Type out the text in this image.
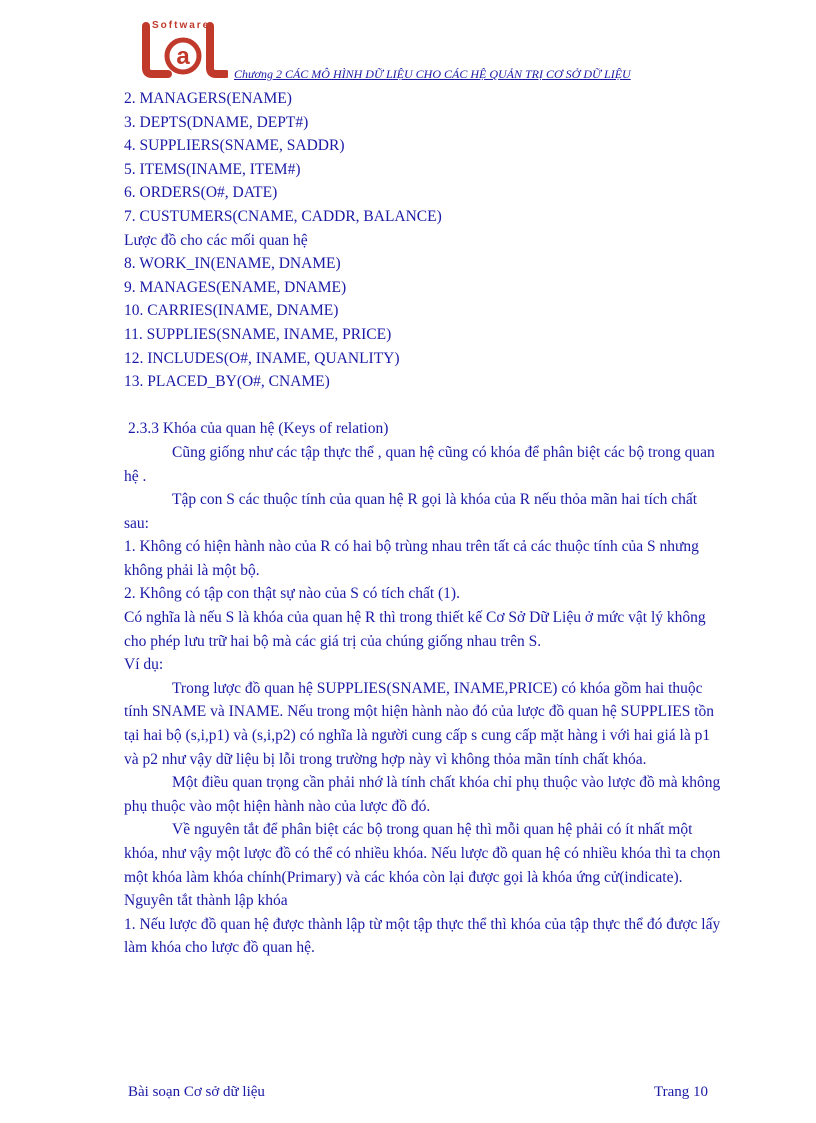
Software
a
Chương 2 CÁC MÔ HÌNH DỮ LIỆU CHO CÁC HỆ QUẢN TRỊ CƠ SỞ DỮ LIỆU

2. MANAGERS(ENAME)

3. DEPTS(DNAME, DEPT#)

4. SUPPLIERS(SNAME, SADDR)

5. ITEMS(INAME, ITEM#)

6. ORDERS(O#, DATE)

7. CUSTUMERS(CNAME, CADDR, BALANCE)

Lược đồ cho các mối quan hệ

8. WORK_IN(ENAME, DNAME)

9. MANAGES(ENAME, DNAME)

10. CARRIES(INAME, DNAME)

11. SUPPLIES(SNAME, INAME, PRICE)

12. INCLUDES(O#, INAME, QUANLITY)

13. PLACED_BY(O#, CNAME)

2.3.3 Khóa của quan hệ (Keys of relation)

Cũng giống như các tập thực thể , quan hệ cũng có khóa để phân biệt các bộ trong quan hệ .

Tập con S các thuộc tính của quan hệ R gọi là khóa của R nếu thỏa mãn hai tích chất sau:

1. Không có hiện hành nào của R có hai bộ trùng nhau trên tất cả các thuộc tính của S nhưng không phải là một bộ.

2. Không có tập con thật sự nào của S có tích chất (1).

Có nghĩa là nếu S là khóa của quan hệ R thì trong thiết kế Cơ Sở Dữ Liệu ở mức vật lý không cho phép lưu trữ hai bộ mà các giá trị của chúng giống nhau trên S.

Ví dụ:

Trong lược đồ quan hệ SUPPLIES(SNAME, INAME,PRICE) có khóa gồm hai thuộc tính SNAME và INAME. Nếu trong một hiện hành nào đó của lược đồ quan hệ SUPPLIES tồn tại hai bộ (s,i,p1) và (s,i,p2) có nghĩa là người cung cấp s cung cấp mặt hàng i với hai giá là p1 và p2 như vậy dữ liệu bị lỗi trong trường hợp này vì không thỏa mãn tính chất khóa.

Một điều quan trọng cần phải nhớ là tính chất khóa chỉ phụ thuộc vào lược đồ mà không phụ thuộc vào một hiện hành nào của lược đồ đó.

Về nguyên tắt để phân biệt các bộ trong quan hệ thì mỗi quan hệ phải có ít nhất một khóa, như vậy một lược đồ có thể có nhiều khóa. Nếu lược đồ quan hệ có nhiều khóa thì ta chọn một khóa làm khóa chính(Primary) và các khóa còn lại được gọi là khóa ứng cử(indicate).

Nguyên tắt thành lập khóa

1. Nếu lược đồ quan hệ được thành lập từ một tập thực thể thì khóa của tập thực thể đó được lấy làm khóa cho lược đồ quan hệ.

Bài soạn Cơ sở dữ liệu	Trang 10
